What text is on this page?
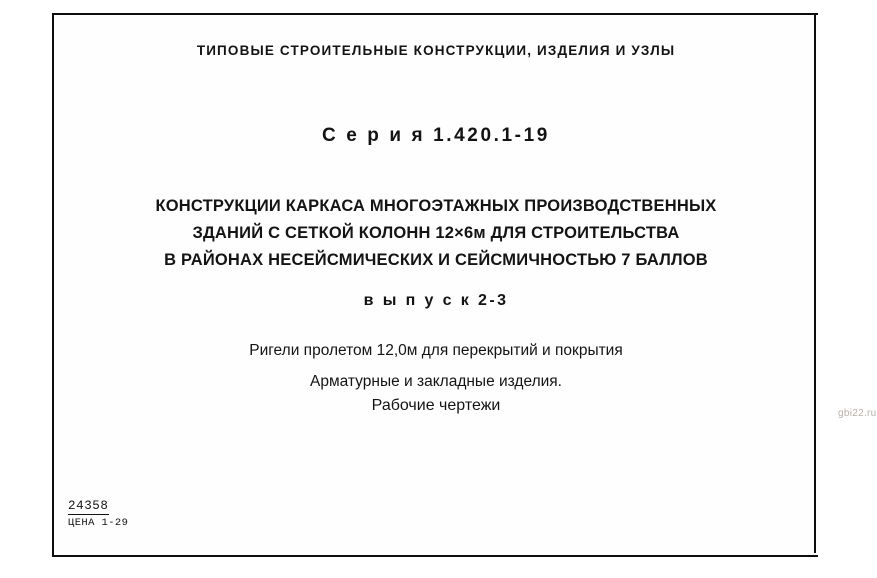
ТИПОВЫЕ СТРОИТЕЛЬНЫЕ КОНСТРУКЦИИ, ИЗДЕЛИЯ И УЗЛЫ
С е р и я 1.420.1-19
КОНСТРУКЦИИ КАРКАСА МНОГОЭТАЖНЫХ ПРОИЗВОДСТВЕННЫХ
ЗДАНИЙ С СЕТКОЙ КОЛОНН 12×6м ДЛЯ СТРОИТЕЛЬСТВА
В РАЙОНАХ НЕСЕЙСМИЧЕСКИХ И СЕЙСМИЧНОСТЬЮ 7 БАЛЛОВ
в ы п у с к 2-3
Ригели пролетом 12,0м для перекрытий и покрытия
Арматурные и закладные изделия.
Рабочие чертежи
24358
ЦЕНА 1-29
gbi22.ru
